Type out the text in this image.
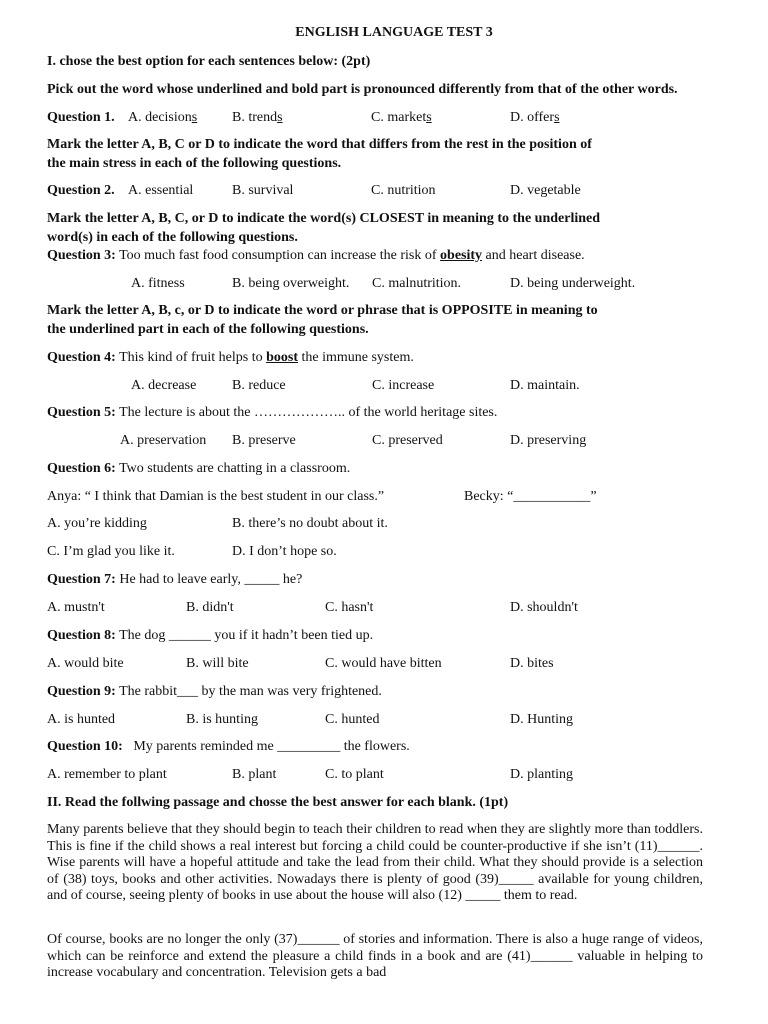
ENGLISH LANGUAGE TEST 3
I. chose the best option for each sentences below: (2pt)
Pick out the word whose underlined and bold part is pronounced differently from that of the other words.
Question 1. A. decisions B. trends	C. markets	D. offers
Mark the letter A, B, C or D to indicate the word that differs from the rest in the position of
the main stress in each of the following questions.
Question 2. A. essential	B. survival	C. nutrition	D. vegetable
Mark the letter A, B, C, or D to indicate the word(s) CLOSEST in meaning to the underlined
word(s) in each of the following questions.
Question 3: Too much fast food consumption can increase the risk of obesity and heart disease.
A. fitness	B. being overweight. C. malnutrition.	D. being underweight.
Mark the letter A, B, c, or D to indicate the word or phrase that is OPPOSITE in meaning to
the underlined part in each of the following questions.
Question 4: This kind of fruit helps to boost the immune system.
A. decrease	B. reduce	C. increase	D. maintain.
Question 5: The lecture is about the ……………….. of the world heritage sites.
A. preservation B. preserve	C. preserved	D. preserving
Question 6: Two students are chatting in a classroom.
Anya: “ I think that Damian is the best student in our class.”	Becky: “___________”
A. you’re kidding	B. there’s no doubt about it.
C. I’m glad you like it.	D. I don’t hope so.
Question 7: He had to leave early, _____ he?
A. mustn't	B. didn't	C. hasn't	D. shouldn't
Question 8: The dog ______ you if it hadn’t been tied up.
A. would bite	B. will bite	C. would have bitten	D. bites
Question 9: The rabbit___ by the man was very frightened.
A. is hunted	B. is hunting	C. hunted	D. Hunting
Question 10:   My parents reminded me _________ the flowers.
A. remember to plant	B. plant	C. to plant	D. planting
II. Read the follwing passage and chosse the best answer for each blank. (1pt)

Many parents believe that they should begin to teach their children to read when they are slightly more than toddlers. This is fine if the child shows a real interest but forcing a child could be counter-productive if she isn’t (11)______. Wise parents will have a hopeful attitude and take the lead from their child. What they should provide is a selection of (38) toys, books and other activities. Nowadays there is plenty of good (39)_____ available for young children, and of course, seeing plenty of books in use about the house will also (12) _____ them to read.

Of course, books are no longer the only (37)______ of stories and information. There is also a huge range of videos, which can be reinforce and extend the pleasure a child finds in a book and are (41)______ valuable in helping to increase vocabulary and concentration. Television gets a bad
